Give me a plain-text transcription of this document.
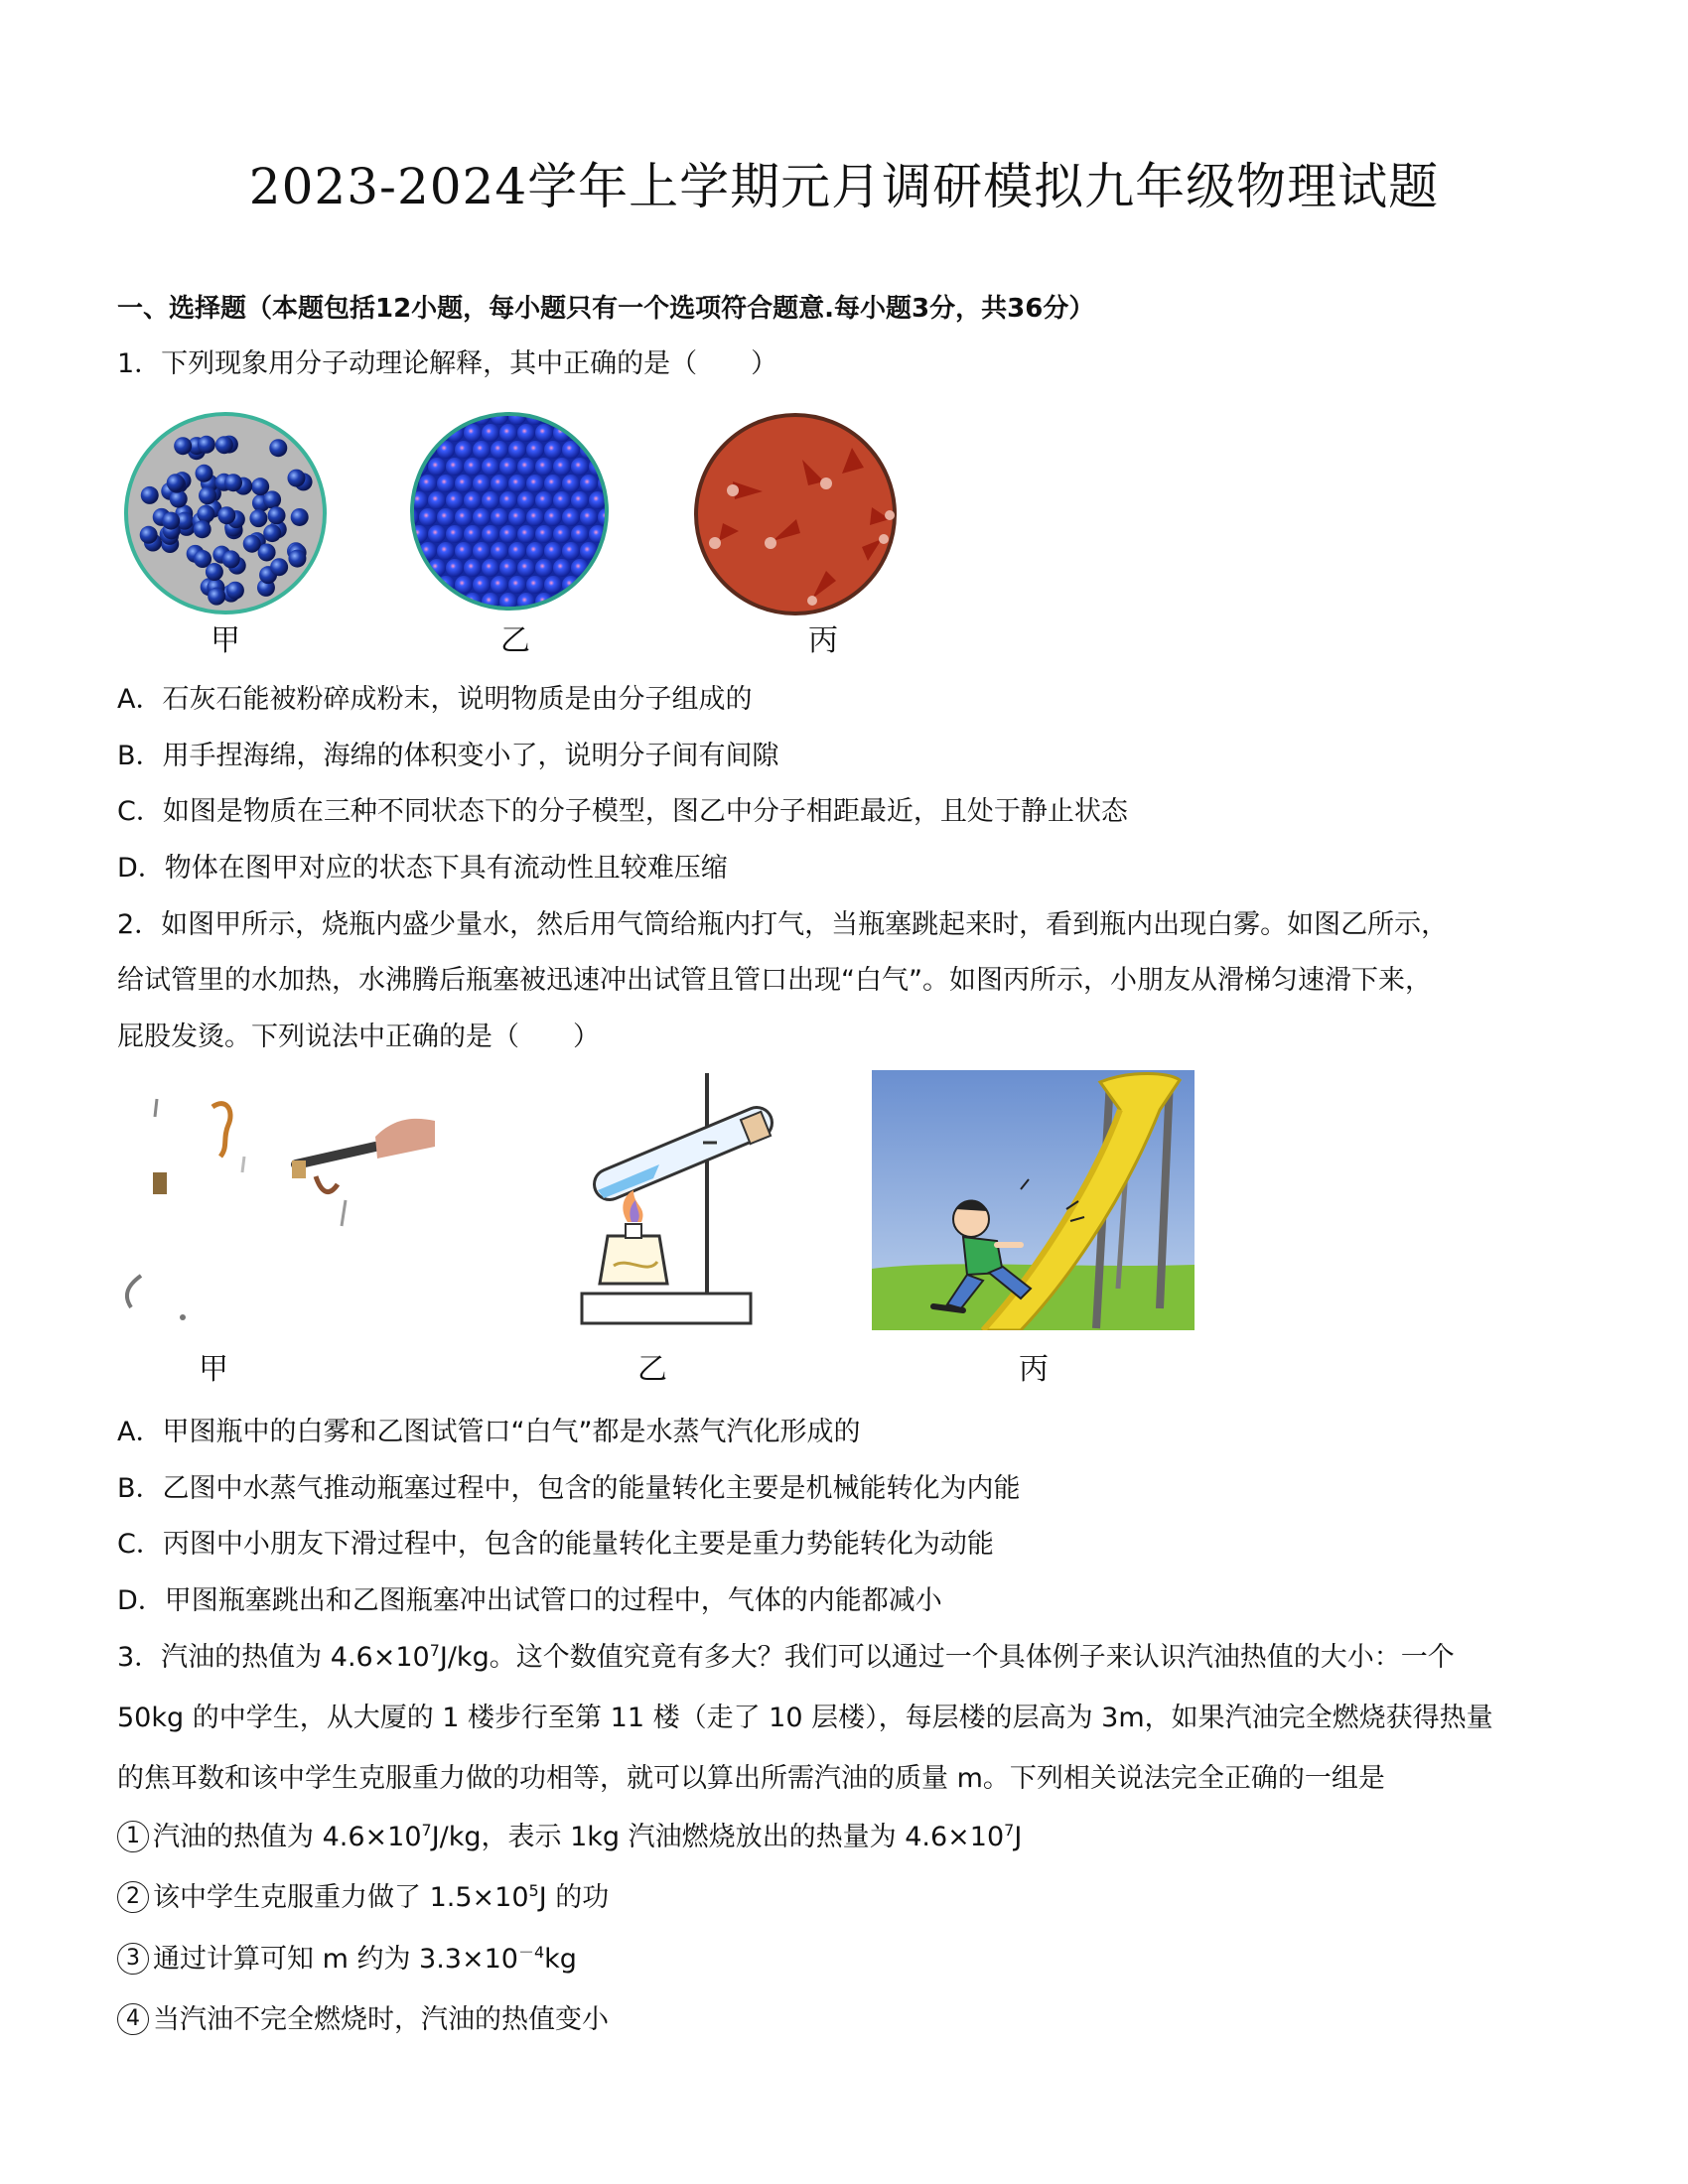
2023-2024学年上学期元月调研模拟九年级物理试题
一、选择题（本题包括12小题，每小题只有一个选项符合题意.每小题3分，共36分）
1．下列现象用分子动理论解释，其中正确的是（　　）
甲	乙	丙
A．石灰石能被粉碎成粉末，说明物质是由分子组成的
B．用手捏海绵，海绵的体积变小了，说明分子间有间隙
C．如图是物质在三种不同状态下的分子模型，图乙中分子相距最近，且处于静止状态
D．物体在图甲对应的状态下具有流动性且较难压缩
2．如图甲所示，烧瓶内盛少量水，然后用气筒给瓶内打气，当瓶塞跳起来时，看到瓶内出现白雾。如图乙所示，
给试管里的水加热，水沸腾后瓶塞被迅速冲出试管且管口出现“白气”。如图丙所示，小朋友从滑梯匀速滑下来，
屁股发烫。下列说法中正确的是（　　）
甲	乙	丙
A．甲图瓶中的白雾和乙图试管口“白气”都是水蒸气汽化形成的
B．乙图中水蒸气推动瓶塞过程中，包含的能量转化主要是机械能转化为内能
C．丙图中小朋友下滑过程中，包含的能量转化主要是重力势能转化为动能
D．甲图瓶塞跳出和乙图瓶塞冲出试管口的过程中，气体的内能都减小
3．汽油的热值为 $4.6\times 10^7J/kg$。这个数值究竟有多大？我们可以通过一个具体例子来认识汽油热值的大小：一个
50kg 的中学生，从大厦的 1 楼步行至第 11 楼（走了 10 层楼），每层楼的层高为 3m，如果汽油完全燃烧获得热量
的焦耳数和该中学生克服重力做的功相等，就可以算出所需汽油的质量 m。下列相关说法完全正确的一组是
1 汽油的热值为 $4.6\times 10^7J/kg$，表示 1kg 汽油燃烧放出的热量为 $4.6\times 10^7J$
2 该中学生克服重力做了 $1.5\times 10^5J$ 的功
3 通过计算可知 m 约为 $3.3\times 10^{-4}kg$
4 当汽油不完全燃烧时，汽油的热值变小
